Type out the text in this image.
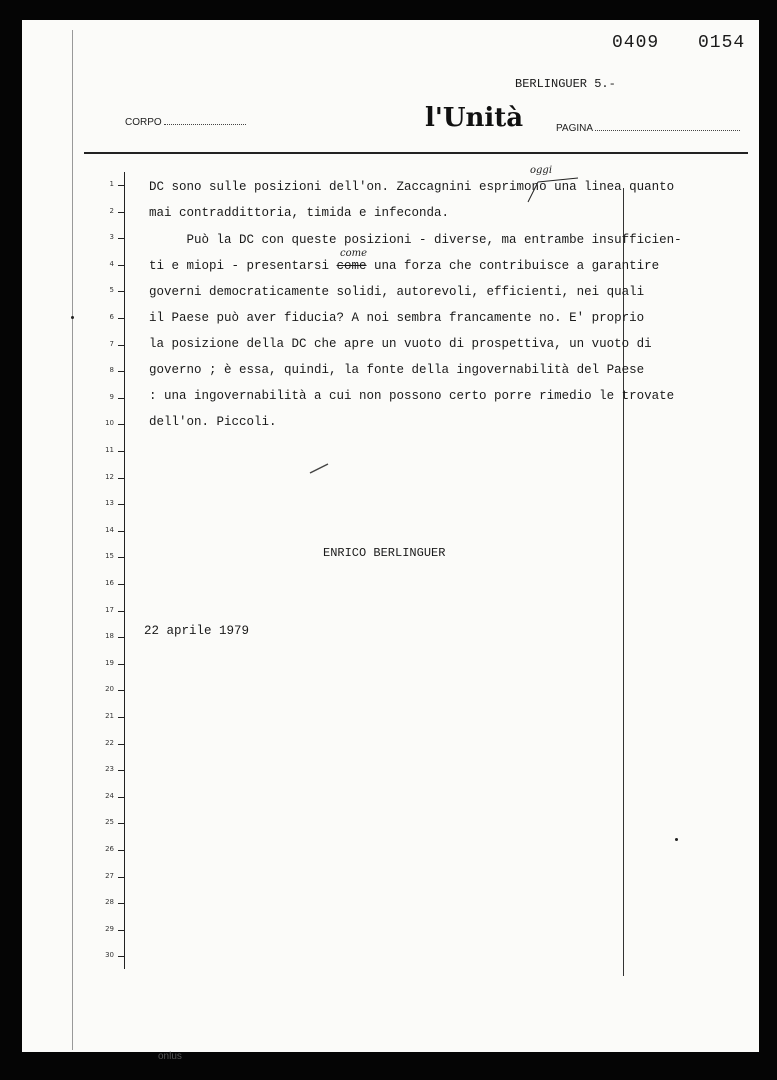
0409 0154
BERLINGUER 5.-
CORPO	l'Unità	PAGINA
1
2
3
4
5
6
7
8
9
10
11
12
13
14
15
16
17
18
19
20
21
22
23
24
25
26
27
28
29
30
DC sono sulle posizioni dell'on. Zaccagnini esprimono una linea quanto
mai contraddittoria, timida e infeconda.
Può la DC con queste posizioni - diverse, ma entrambe insufficien-
ti e miopi - presentarsi come una forza che contribuisce a garantire
governi democraticamente solidi, autorevoli, efficienti, nei quali
il Paese può aver fiducia? A noi sembra francamente no. E' proprio
la posizione della DC che apre un vuoto di prospettiva, un vuoto di
governo ; è essa, quindi, la fonte della ingovernabilità del Paese
: una ingovernabilità a cui non possono certo porre rimedio le trovate
dell'on. Piccoli.
oggi
come
ENRICO BERLINGUER
22 aprile 1979
onlus
